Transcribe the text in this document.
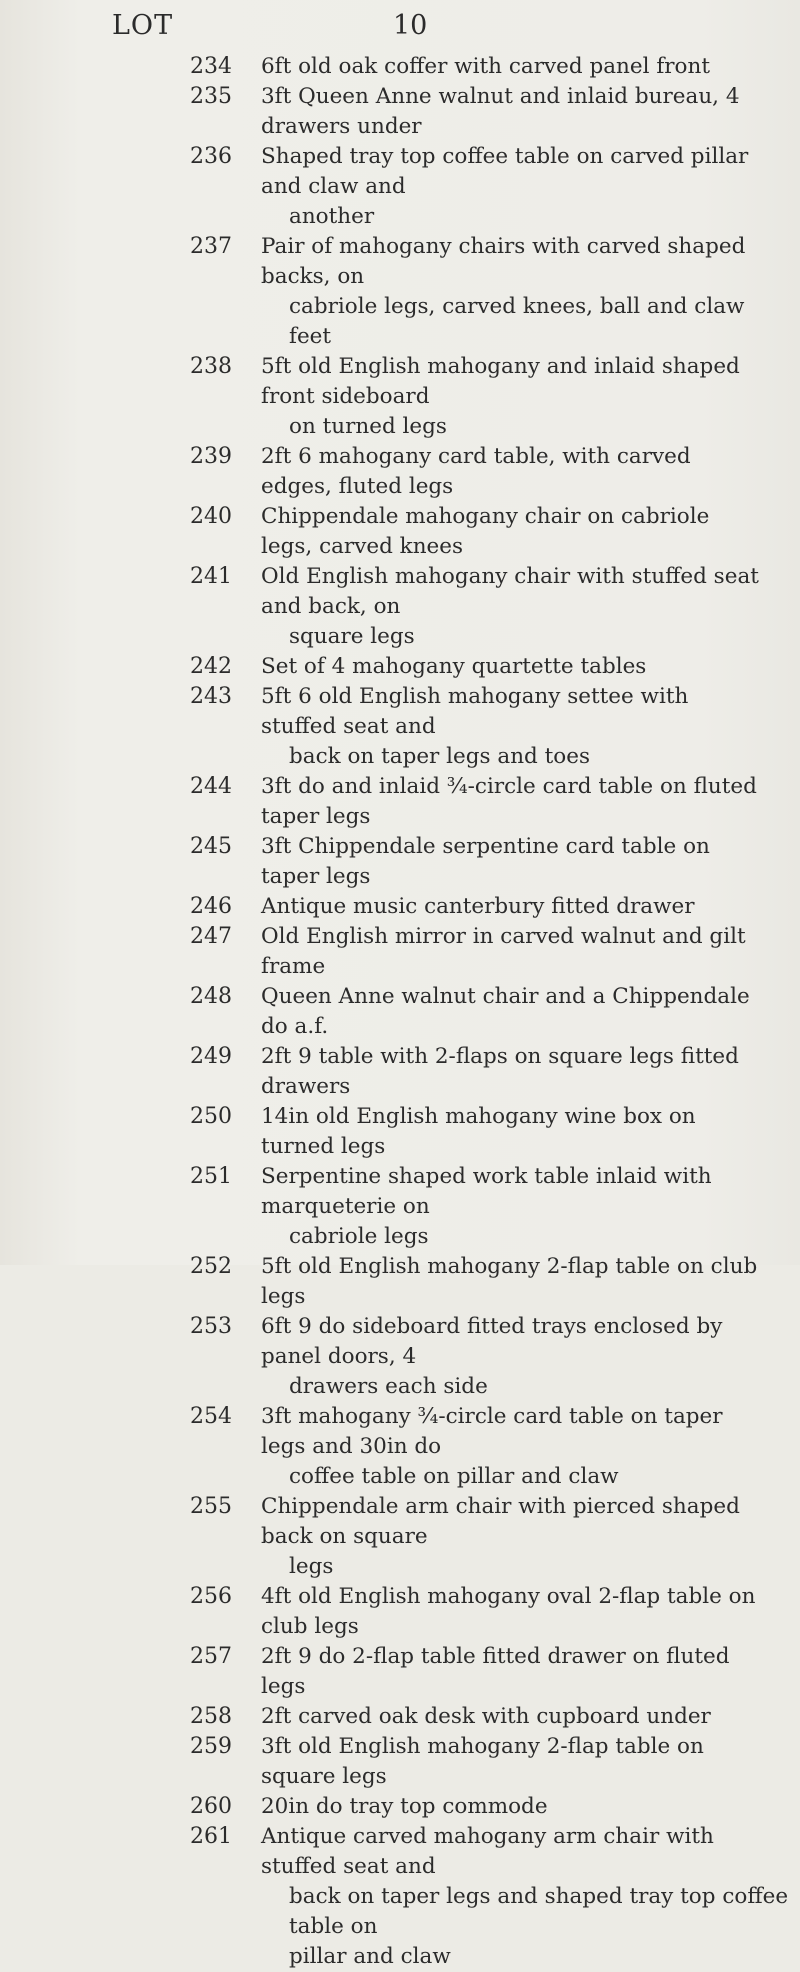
LOT	10
234 6ft old oak coffer with carved panel front
235 3ft Queen Anne walnut and inlaid bureau, 4 drawers under
236 Shaped tray top coffee table on carved pillar and claw and
another
237 Pair of mahogany chairs with carved shaped backs, on
cabriole legs, carved knees, ball and claw feet
238 5ft old English mahogany and inlaid shaped front sideboard
on turned legs
239 2ft 6 mahogany card table, with carved edges, fluted legs
240 Chippendale mahogany chair on cabriole legs, carved knees
241 Old English mahogany chair with stuffed seat and back, on
square legs
242 Set of 4 mahogany quartette tables
243 5ft 6 old English mahogany settee with stuffed seat and
back on taper legs and toes
244 3ft do and inlaid ¾-circle card table on fluted taper legs
245 3ft Chippendale serpentine card table on taper legs
246 Antique music canterbury fitted drawer
247 Old English mirror in carved walnut and gilt frame
248 Queen Anne walnut chair and a Chippendale do a.f.
249 2ft 9 table with 2-flaps on square legs fitted drawers
250 14in old English mahogany wine box on turned legs
251 Serpentine shaped work table inlaid with marqueterie on
cabriole legs
252 5ft old English mahogany 2-flap table on club legs
253 6ft 9 do sideboard fitted trays enclosed by panel doors, 4
drawers each side
254 3ft mahogany ¾-circle card table on taper legs and 30in do
coffee table on pillar and claw
255 Chippendale arm chair with pierced shaped back on square
legs
256 4ft old English mahogany oval 2-flap table on club legs
257 2ft 9 do 2-flap table fitted drawer on fluted legs
258 2ft carved oak desk with cupboard under
259 3ft old English mahogany 2-flap table on square legs
260 20in do tray top commode
261 Antique carved mahogany arm chair with stuffed seat and
back on taper legs and shaped tray top coffee table on
pillar and claw
